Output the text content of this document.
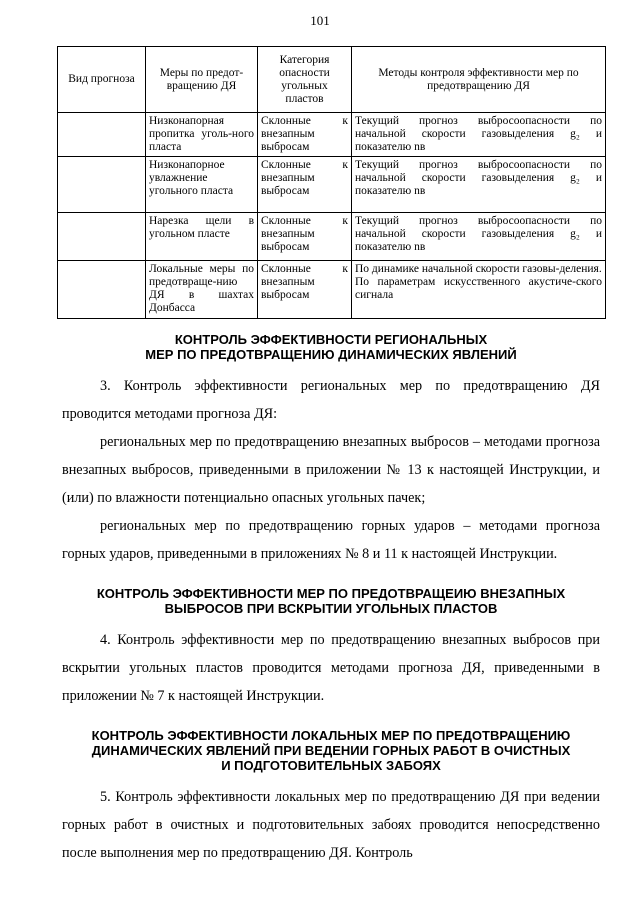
101
Вид прогноза	Меры по предот-вращению ДЯ	Категория опасности угольных пластов	Методы контроля эффективности мер по предотвращению ДЯ
	Низконапорная пропитка уголь-ного пласта	Склонные к внезапным выбросам	Текущий прогноз выбросоопасности по начальной скорости газовыделения g₂ и показателю nв
	Низконапорное увлажнение угольного пласта	Склонные к внезапным выбросам	Текущий прогноз выбросоопасности по начальной скорости газовыделения g₂ и показателю nв
	Нарезка щели в угольном пласте	Склонные к внезапным выбросам	Текущий прогноз выбросоопасности по начальной скорости газовыделения g₂ и показателю nв
	Локальные меры по предотвраще-нию ДЯ в шахтах Донбасса	Склонные к внезапным выбросам	По динамике начальной скорости газовы-деления.
По параметрам искусственного акустиче-ского сигнала
КОНТРОЛЬ ЭФФЕКТИВНОСТИ РЕГИОНАЛЬНЫХ
МЕР ПО ПРЕДОТВРАЩЕНИЮ ДИНАМИЧЕСКИХ ЯВЛЕНИЙ

3. Контроль эффективности региональных мер по предотвращению ДЯ проводится методами прогноза ДЯ:

региональных мер по предотвращению внезапных выбросов – методами прогноза внезапных выбросов, приведенными в приложении № 13 к настоящей Инструкции, и (или) по влажности потенциально опасных угольных пачек;

региональных мер по предотвращению горных ударов – методами прогноза горных ударов, приведенными в приложениях № 8 и 11 к настоящей Инструкции.

КОНТРОЛЬ ЭФФЕКТИВНОСТИ МЕР ПО ПРЕДОТВРАЩЕИЮ ВНЕЗАПНЫХ
ВЫБРОСОВ ПРИ ВСКРЫТИИ УГОЛЬНЫХ ПЛАСТОВ

4. Контроль эффективности мер по предотвращению внезапных выбросов при вскрытии угольных пластов проводится методами прогноза ДЯ, приведенными в приложении № 7 к настоящей Инструкции.

КОНТРОЛЬ ЭФФЕКТИВНОСТИ ЛОКАЛЬНЫХ МЕР ПО ПРЕДОТВРАЩЕНИЮ
ДИНАМИЧЕСКИХ ЯВЛЕНИЙ ПРИ ВЕДЕНИИ ГОРНЫХ РАБОТ В ОЧИСТНЫХ
И ПОДГОТОВИТЕЛЬНЫХ ЗАБОЯХ

5. Контроль эффективности локальных мер по предотвращению ДЯ при ведении горных работ в очистных и подготовительных забоях проводится непосредственно после выполнения мер по предотвращению ДЯ. Контроль
